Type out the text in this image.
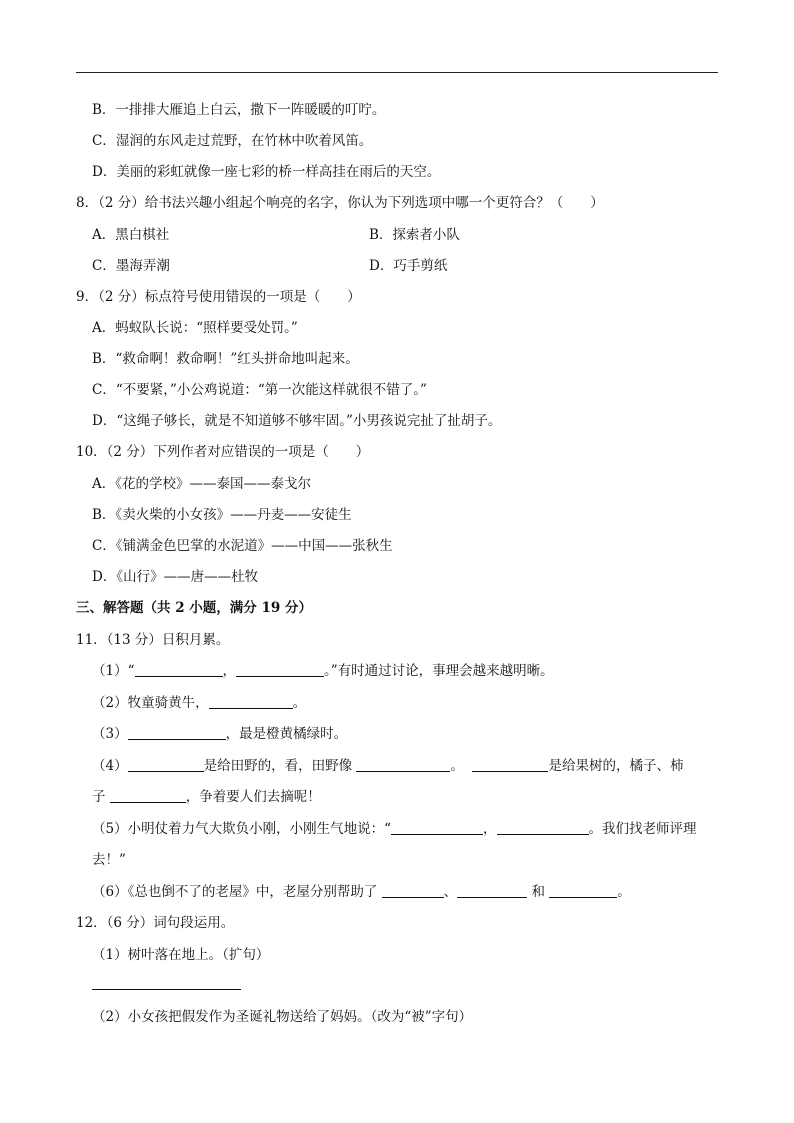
B．一排排大雁追上白云，撒下一阵暖暖的叮咛。
C．湿润的东风走过荒野，在竹林中吹着风笛。
D．美丽的彩虹就像一座七彩的桥一样高挂在雨后的天空。
8．（2 分）给书法兴趣小组起个响亮的名字，你认为下列选项中哪一个更符合？（　　）
A．黑白棋社	B．探索者小队
C．墨海弄潮	D．巧手剪纸
9．（2 分）标点符号使用错误的一项是（　　）
A．蚂蚁队长说：“照样要受处罚。”
B．“救命啊！救命啊！”红头拼命地叫起来。
C．“不要紧，”小公鸡说道：“第一次能这样就很不错了。”
D．“这绳子够长，就是不知道够不够牢固。”小男孩说完扯了扯胡子。
10．（2 分）下列作者对应错误的一项是（　　）
A．《花的学校》——泰国——泰戈尔
B．《卖火柴的小女孩》——丹麦——安徒生
C．《铺满金色巴掌的水泥道》——中国——张秋生
D．《山行》——唐——杜牧
三、解答题（共 2 小题，满分 19 分）
11．（13 分）日积月累。
（1）“	，	。”有时通过讨论，事理会越来越明晰。
（2）牧童骑黄牛，	。
（3）	，最是橙黄橘绿时。
（4）	是给田野的，看，田野像	。	是给果树的，橘子、柿
子	，争着要人们去摘呢！
（5）小明仗着力气大欺负小刚，小刚生气地说：“	，	。我们找老师评理
去！”
（6）《总也倒不了的老屋》中，老屋分别帮助了	、	和	。
12．（6 分）词句段运用。
（1）树叶落在地上。（扩句）
（2）小女孩把假发作为圣诞礼物送给了妈妈。（改为“被”字句）
